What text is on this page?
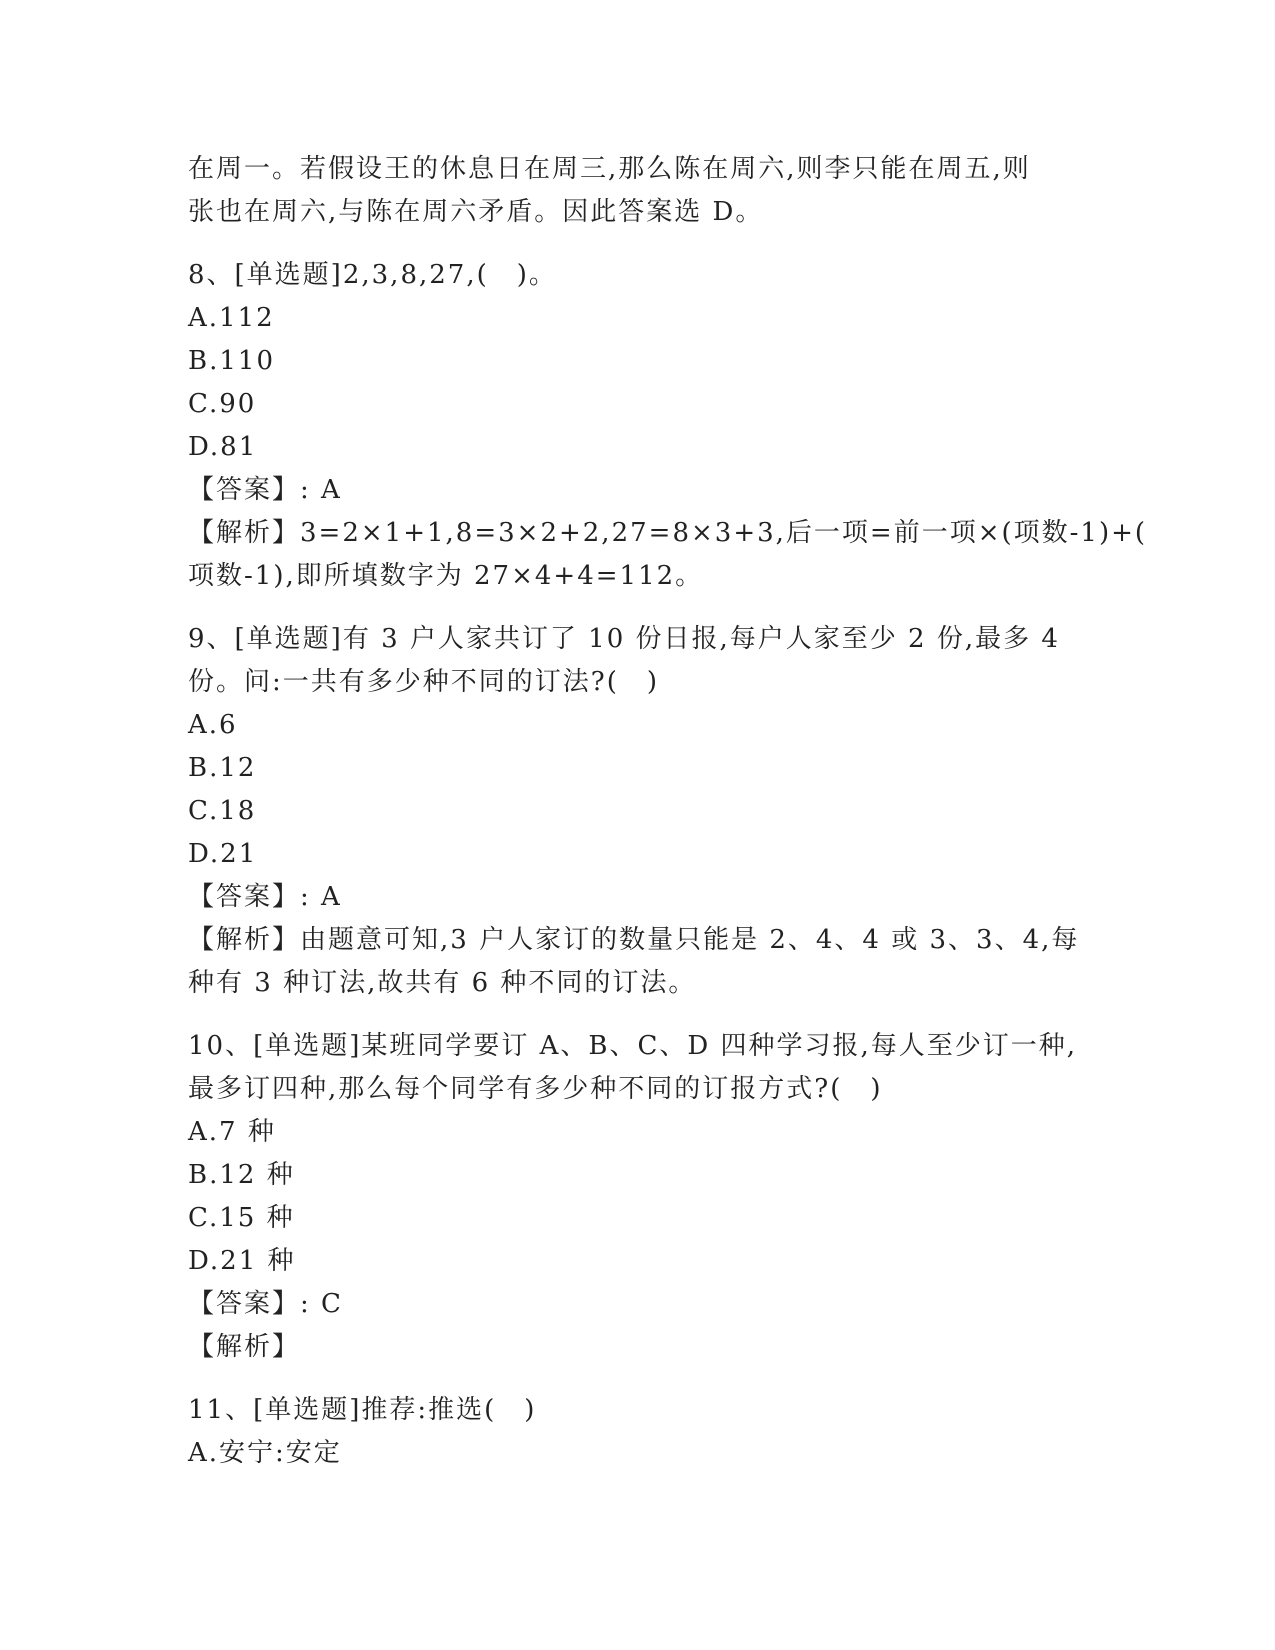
在周一。若假设王的休息日在周三,那么陈在周六,则李只能在周五,则
张也在周六,与陈在周六矛盾。因此答案选 D。
8、[单选题]2,3,8,27,(　)。
A.112
B.110
C.90
D.81
【答案】: A
【解析】3=2×1+1,8=3×2+2,27=8×3+3,后一项=前一项×(项数-1)+(
项数-1),即所填数字为 27×4+4=112。
9、[单选题]有 3 户人家共订了 10 份日报,每户人家至少 2 份,最多 4
份。问:一共有多少种不同的订法?(　)
A.6
B.12
C.18
D.21
【答案】: A
【解析】由题意可知,3 户人家订的数量只能是 2、4、4 或 3、3、4,每
种有 3 种订法,故共有 6 种不同的订法。
10、[单选题]某班同学要订 A、B、C、D 四种学习报,每人至少订一种,
最多订四种,那么每个同学有多少种不同的订报方式?(　)
A.7 种
B.12 种
C.15 种
D.21 种
【答案】: C
【解析】
11、[单选题]推荐:推选(　)
A.安宁:安定
